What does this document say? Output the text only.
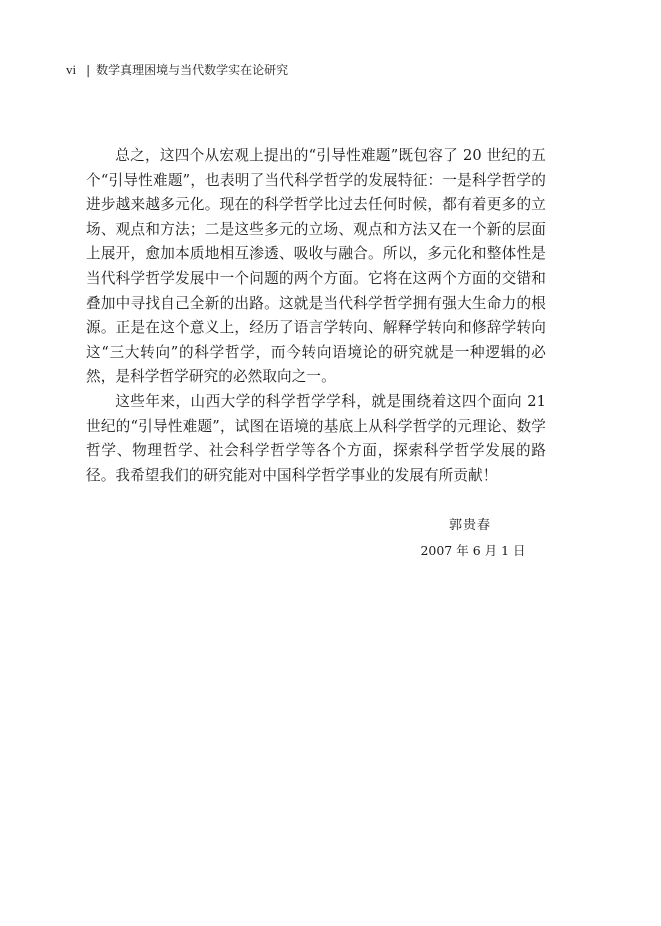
vi | 数学真理困境与当代数学实在论研究

总之，这四个从宏观上提出的“引导性难题”既包容了 20 世纪的五个“引导性难题”，也表明了当代科学哲学的发展特征：一是科学哲学的进步越来越多元化。现在的科学哲学比过去任何时候，都有着更多的立场、观点和方法；二是这些多元的立场、观点和方法又在一个新的层面上展开，愈加本质地相互渗透、吸收与融合。所以，多元化和整体性是当代科学哲学发展中一个问题的两个方面。它将在这两个方面的交错和叠加中寻找自己全新的出路。这就是当代科学哲学拥有强大生命力的根源。正是在这个意义上，经历了语言学转向、解释学转向和修辞学转向这“三大转向”的科学哲学，而今转向语境论的研究就是一种逻辑的必然，是科学哲学研究的必然取向之一。

这些年来，山西大学的科学哲学学科，就是围绕着这四个面向 21 世纪的“引导性难题”，试图在语境的基底上从科学哲学的元理论、数学哲学、物理哲学、社会科学哲学等各个方面，探索科学哲学发展的路径。我希望我们的研究能对中国科学哲学事业的发展有所贡献！

郭贵春
2007 年 6 月 1 日
